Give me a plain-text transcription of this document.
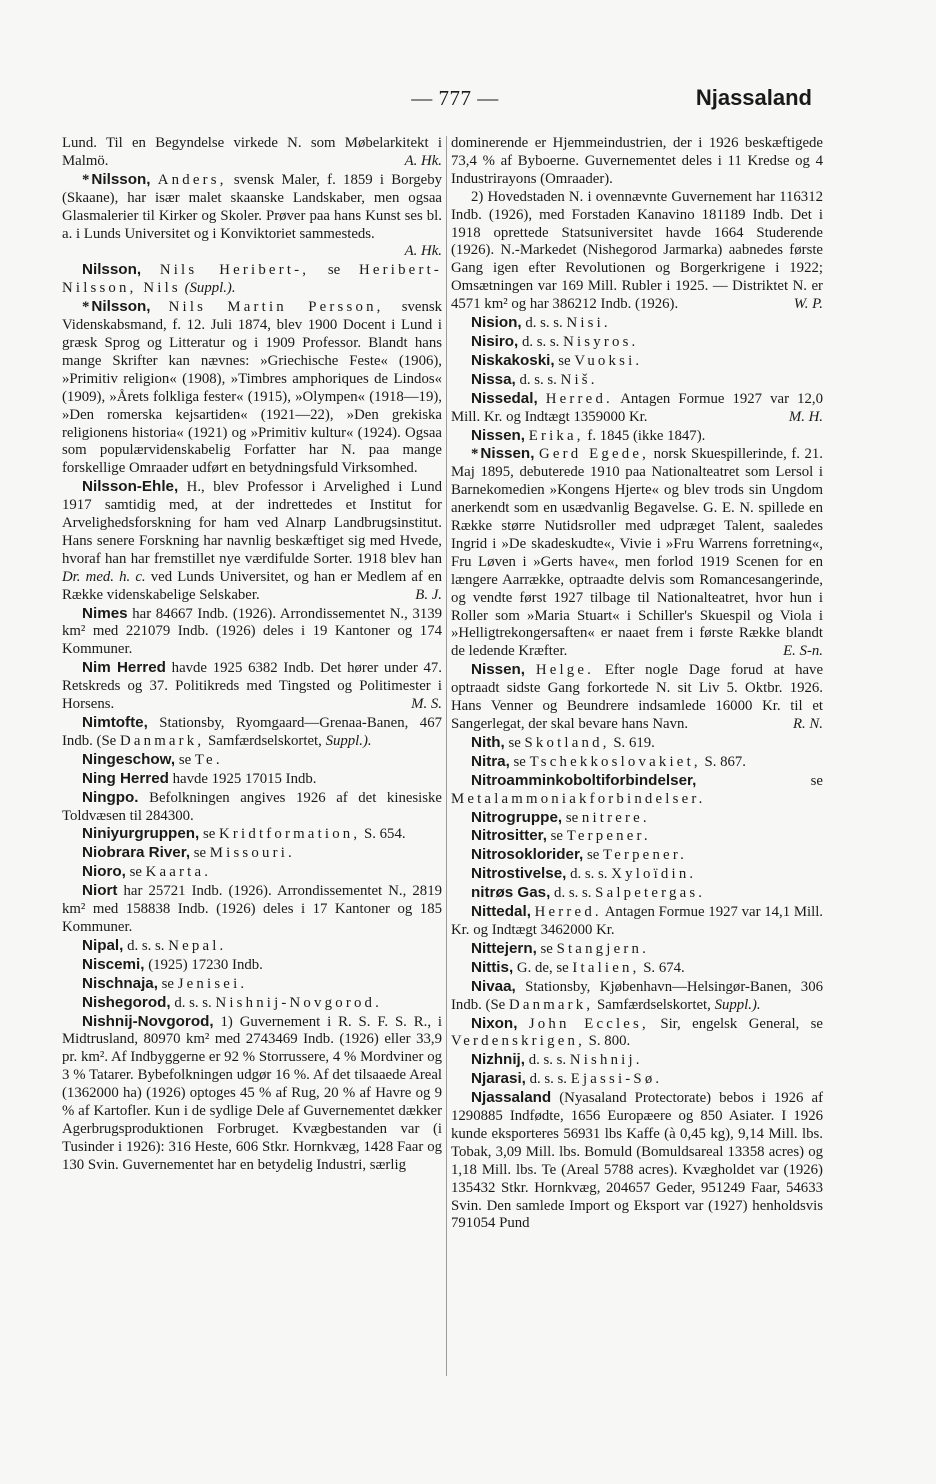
— 777 —	Njassaland

Lund. Til en Begyndelse virkede N. som Møbelarkitekt i Malmö.	A. Hk.

* Nilsson, Anders, svensk Maler, f. 1859 i Borgeby (Skaane), har især malet skaanske Landskaber, men ogsaa Glasmalerier til Kirker og Skoler. Prøver paa hans Kunst ses bl. a. i Lunds Universitet og i Konviktoriet sammesteds.
A. Hk.

Nilsson, Nils Heribert-, se Heribert-Nilsson, Nils (Suppl.).

* Nilsson, Nils Martin Persson, svensk Videnskabsmand, f. 12. Juli 1874, blev 1900 Docent i Lund i græsk Sprog og Litteratur og i 1909 Professor. Blandt hans mange Skrifter kan nævnes: »Griechische Feste« (1906), »Primitiv religion« (1908), »Timbres amphoriques de Lindos« (1909), »Årets folkliga fester« (1915), »Olympen« (1918—19), »Den romerska kejsartiden« (1921—22), »Den grekiska religionens historia« (1921) og »Primitiv kultur« (1924). Ogsaa som populærvidenskabelig Forfatter har N. paa mange forskellige Omraader udført en betydningsfuld Virksomhed.

Nilsson-Ehle, H., blev Professor i Arvelighed i Lund 1917 samtidig med, at der indrettedes et Institut for Arvelighedsforskning for ham ved Alnarp Landbrugsinstitut. Hans senere Forskning har navnlig beskæftiget sig med Hvede, hvoraf han har fremstillet nye værdifulde Sorter. 1918 blev han Dr. med. h. c. ved Lunds Universitet, og han er Medlem af en Række videnskabelige Selskaber.	B. J.

Nimes har 84667 Indb. (1926). Arrondissementet N., 3139 km² med 221079 Indb. (1926) deles i 19 Kantoner og 174 Kommuner.

Nim Herred havde 1925 6382 Indb. Det hører under 47. Retskreds og 37. Politikreds med Tingsted og Politimester i Horsens.	M. S.

Nimtofte, Stationsby, Ryomgaard—Grenaa-Banen, 467 Indb. (Se Danmark, Samfærdselskortet, Suppl.).

Ningeschow, se Te.

Ning Herred havde 1925 17015 Indb.

Ningpo. Befolkningen angives 1926 af det kinesiske Toldvæsen til 284300.

Niniyurgruppen, se Kridtformation, S. 654.

Niobrara River, se Missouri.

Nioro, se Kaarta.

Niort har 25721 Indb. (1926). Arrondissementet N., 2819 km² med 158838 Indb. (1926) deles i 17 Kantoner og 185 Kommuner.

Nipal, d. s. s. Nepal.

Niscemi, (1925) 17230 Indb.

Nischnaja, se Jenisei.

Nishegorod, d. s. s. Nishnij-Novgorod.

Nishnij-Novgorod, 1) Guvernement i R. S. F. S. R., i Midtrusland, 80970 km² med 2743469 Indb. (1926) eller 33,9 pr. km². Af Indbyggerne er 92 % Storrussere, 4 % Mordviner og 3 % Tatarer. Bybefolkningen udgør 16 %. Af det tilsaaede Areal (1362000 ha) (1926) optoges 45 % af Rug, 20 % af Havre og 9 % af Kartofler. Kun i de sydlige Dele af Guvernementet dækker Agerbrugsproduktionen Forbruget. Kvægbestanden var (i Tusinder i 1926): 316 Heste, 606 Stkr. Hornkvæg, 1428 Faar og 130 Svin. Guvernementet har en betydelig Industri, særlig

dominerende er Hjemmeindustrien, der i 1926 beskæftigede 73,4 % af Byboerne. Guvernementet deles i 11 Kredse og 4 Industrirayons (Omraader).

2) Hovedstaden N. i ovennævnte Guvernement har 116312 Indb. (1926), med Forstaden Kanavino 181189 Indb. Det i 1918 oprettede Statsuniversitet havde 1664 Studerende (1926). N.-Markedet (Nishegorod Jarmarka) aabnedes første Gang igen efter Revolutionen og Borgerkrigene i 1922; Omsætningen var 169 Mill. Rubler i 1925. — Distriktet N. er 4571 km² og har 386212 Indb. (1926).	W. P.

Nision, d. s. s. Nisi.

Nisiro, d. s. s. Nisyros.

Niskakoski, se Vuoksi.

Nissa, d. s. s. Niš.

Nissedal, Herred. Antagen Formue 1927 var 12,0 Mill. Kr. og Indtægt 1359000 Kr.	M. H.

Nissen, Erika, f. 1845 (ikke 1847).

* Nissen, Gerd Egede, norsk Skuespillerinde, f. 21. Maj 1895, debuterede 1910 paa Nationalteatret som Lersol i Barnekomedien »Kongens Hjerte« og blev trods sin Ungdom anerkendt som en usædvanlig Begavelse. G. E. N. spillede en Række større Nutidsroller med udpræget Talent, saaledes Ingrid i »De skadeskudte«, Vivie i »Fru Warrens forretning«, Fru Løven i »Gerts have«, men forlod 1919 Scenen for en længere Aarrække, optraadte delvis som Romancesangerinde, og vendte først 1927 tilbage til Nationalteatret, hvor hun i Roller som »Maria Stuart« i Schiller's Skuespil og Viola i »Helligtrekongersaften« er naaet frem i første Række blandt de ledende Kræfter.	E. S-n.

Nissen, Helge. Efter nogle Dage forud at have optraadt sidste Gang forkortede N. sit Liv 5. Oktbr. 1926. Hans Venner og Beundrere indsamlede 16000 Kr. til et Sangerlegat, der skal bevare hans Navn.	R. N.

Nith, se Skotland, S. 619.

Nitra, se Tschekkoslovakiet, S. 867.

Nitroamminkoboltiforbindelser,	se Metalammoniakforbindelser.

Nitrogruppe, se nitrere.

Nitrositter, se Terpener.

Nitrosoklorider, se Terpener.

Nitrostivelse, d. s. s. Xyloïdin.

nitrøs Gas, d. s. s. Salpetergas.

Nittedal, Herred. Antagen Formue 1927 var 14,1 Mill. Kr. og Indtægt 3462000 Kr.

Nittejern, se Stangjern.

Nittis, G. de, se Italien, S. 674.

Nivaa, Stationsby, Kjøbenhavn—Helsingør-Banen, 306 Indb. (Se Danmark, Samfærdselskortet, Suppl.).

Nixon, John Eccles, Sir, engelsk General, se Verdenskrigen, S. 800.

Nizhnij, d. s. s. Nishnij.

Njarasi, d. s. s. Ejassi-Sø.

Njassaland (Nyasaland Protectorate) bebos i 1926 af 1290885 Indfødte, 1656 Europæere og 850 Asiater. I 1926 kunde eksporteres 56931 lbs Kaffe (à 0,45 kg), 9,14 Mill. lbs. Tobak, 3,09 Mill. lbs. Bomuld (Bomuldsareal 13358 acres) og 1,18 Mill. lbs. Te (Areal 5788 acres). Kvægholdet var (1926) 135432 Stkr. Hornkvæg, 204657 Geder, 951249 Faar, 54633 Svin. Den samlede Import og Eksport var (1927) henholdsvis 791054 Pund
